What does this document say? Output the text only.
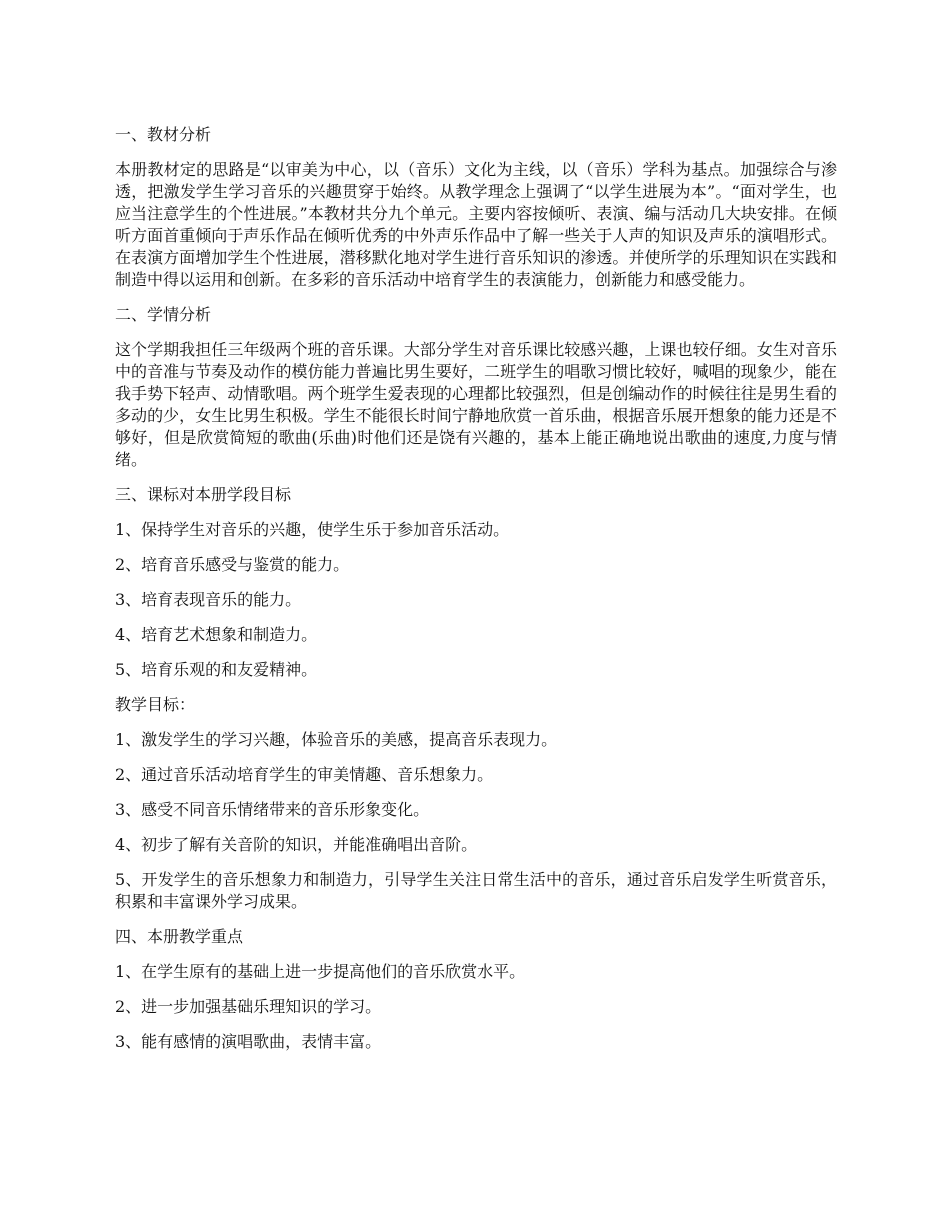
一、教材分析

本册教材定的思路是“以审美为中心，以（音乐）文化为主线，以（音乐）学科为基点。加强综合与渗透，把激发学生学习音乐的兴趣贯穿于始终。从教学理念上强调了“以学生进展为本”。“面对学生，也应当注意学生的个性进展。”本教材共分九个单元。主要内容按倾听、表演、编与活动几大块安排。在倾听方面首重倾向于声乐作品在倾听优秀的中外声乐作品中了解一些关于人声的知识及声乐的演唱形式。在表演方面增加学生个性进展，潜移默化地对学生进行音乐知识的渗透。并使所学的乐理知识在实践和制造中得以运用和创新。在多彩的音乐活动中培育学生的表演能力，创新能力和感受能力。

二、学情分析

这个学期我担任三年级两个班的音乐课。大部分学生对音乐课比较感兴趣，上课也较仔细。女生对音乐中的音准与节奏及动作的模仿能力普遍比男生要好，二班学生的唱歌习惯比较好，喊唱的现象少，能在我手势下轻声、动情歌唱。两个班学生爱表现的心理都比较强烈，但是创编动作的时候往往是男生看的多动的少，女生比男生积极。学生不能很长时间宁静地欣赏一首乐曲，根据音乐展开想象的能力还是不够好，但是欣赏简短的歌曲(乐曲)时他们还是饶有兴趣的，基本上能正确地说出歌曲的速度,力度与情绪。

三、课标对本册学段目标

1、保持学生对音乐的兴趣，使学生乐于参加音乐活动。

2、培育音乐感受与鉴赏的能力。

3、培育表现音乐的能力。

4、培育艺术想象和制造力。

5、培育乐观的和友爱精神。

教学目标：

1、激发学生的学习兴趣，体验音乐的美感，提高音乐表现力。

2、通过音乐活动培育学生的审美情趣、音乐想象力。

3、感受不同音乐情绪带来的音乐形象变化。

4、初步了解有关音阶的知识，并能准确唱出音阶。

5、开发学生的音乐想象力和制造力，引导学生关注日常生活中的音乐，通过音乐启发学生听赏音乐，积累和丰富课外学习成果。

四、本册教学重点

1、在学生原有的基础上进一步提高他们的音乐欣赏水平。

2、进一步加强基础乐理知识的学习。

3、能有感情的演唱歌曲，表情丰富。
